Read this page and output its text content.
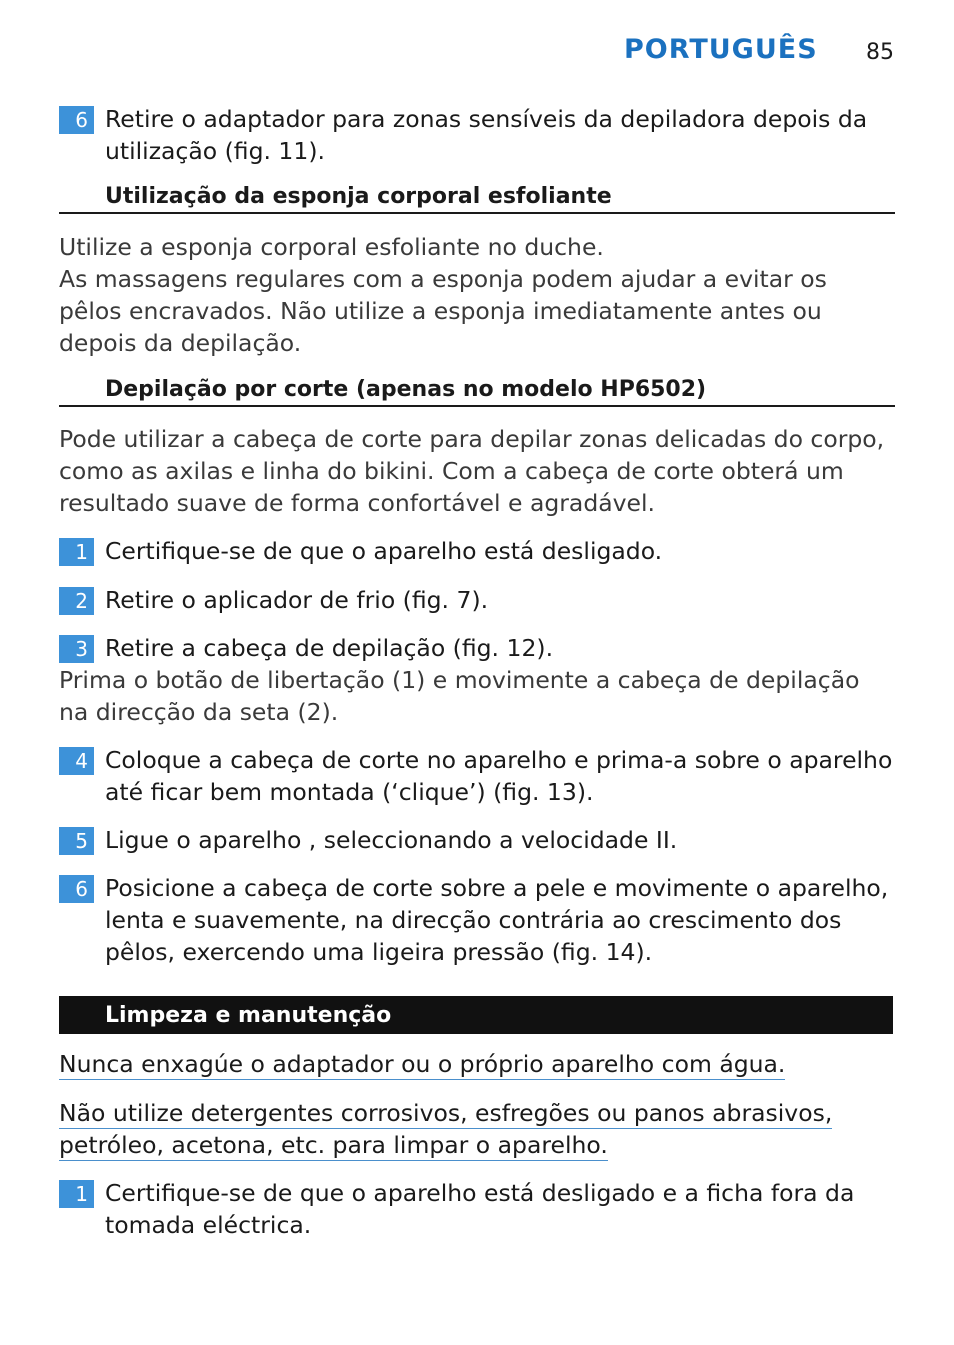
PORTUGUÊS 85
6 Retire o adaptador para zonas sensíveis da depiladora depois da utilização (fig. 11).
Utilização da esponja corporal esfoliante
Utilize a esponja corporal esfoliante no duche.
As massagens regulares com a esponja podem ajudar a evitar os pêlos encravados. Não utilize a esponja imediatamente antes ou depois da depilação.
Depilação por corte (apenas no modelo HP6502)
Pode utilizar a cabeça de corte para depilar zonas delicadas do corpo, como as axilas e linha do bikini. Com a cabeça de corte obterá um resultado suave de forma confortável e agradável.
1 Certifique-se de que o aparelho está desligado.
2 Retire o aplicador de frio (fig. 7).
3 Retire a cabeça de depilação (fig. 12).
Prima o botão de libertação (1) e movimente a cabeça de depilação na direcção da seta (2).
4 Coloque a cabeça de corte no aparelho e prima-a sobre o aparelho até ficar bem montada (‘clique’) (fig. 13).
5 Ligue o aparelho , seleccionando a velocidade II.
6 Posicione a cabeça de corte sobre a pele e movimente o aparelho, lenta e suavemente, na direcção contrária ao crescimento dos pêlos, exercendo uma ligeira pressão (fig. 14).
Limpeza e manutenção
Nunca enxagúe o adaptador ou o próprio aparelho com água.
Não utilize detergentes corrosivos, esfregões ou panos abrasivos,
petróleo, acetona, etc. para limpar o aparelho.
1 Certifique-se de que o aparelho está desligado e a ficha fora da tomada eléctrica.
